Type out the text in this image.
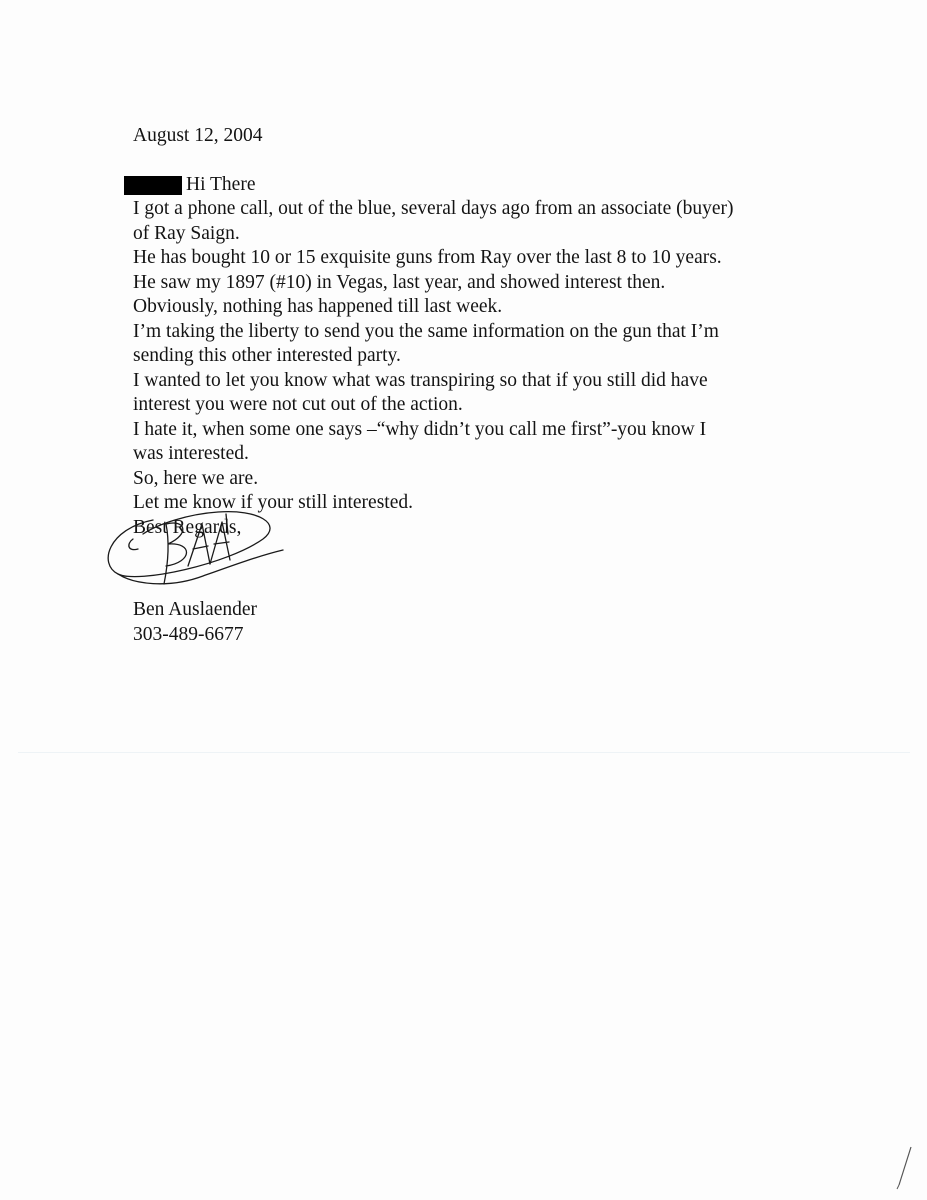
August 12, 2004
Hi There
I got a phone call, out of the blue, several days ago from an associate (buyer)
of Ray Saign.
He has bought 10 or 15 exquisite guns from Ray over the last 8 to 10 years.
He saw my 1897 (#10) in Vegas, last year, and showed interest then.
Obviously, nothing has happened till last week.
I’m taking the liberty to send you the same information on the gun that I’m
sending this other interested party.
I wanted to let you know what was transpiring so that if you still did have
interest you were not cut out of the action.
I hate it, when some one says –“why didn’t you call me first”-you know I
was interested.
So, here we are.
Let me know if your still interested.
Best Regards,
Ben Auslaender
303-489-6677
